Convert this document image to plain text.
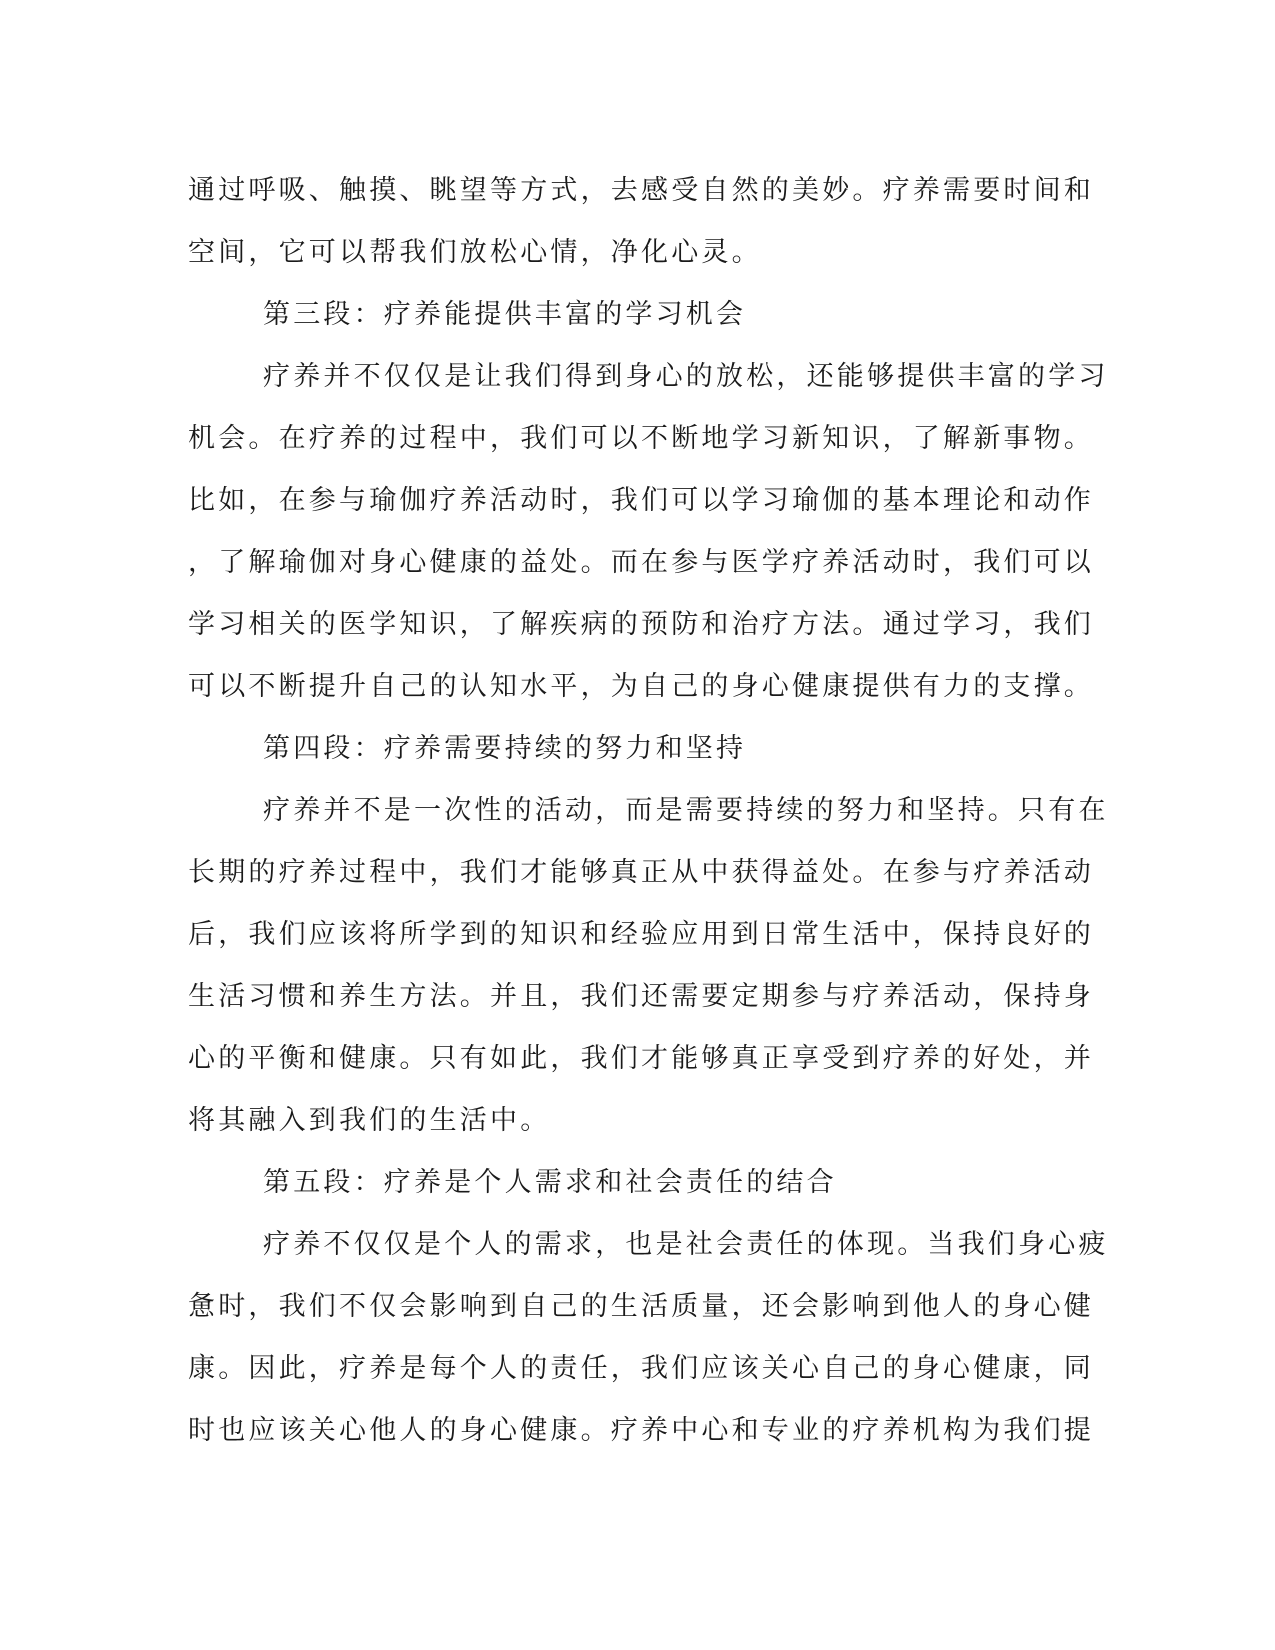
通过呼吸、触摸、眺望等方式，去感受自然的美妙。疗养需要时间和
空间，它可以帮我们放松心情，净化心灵。
第三段：疗养能提供丰富的学习机会
疗养并不仅仅是让我们得到身心的放松，还能够提供丰富的学习
机会。在疗养的过程中，我们可以不断地学习新知识，了解新事物。
比如，在参与瑜伽疗养活动时，我们可以学习瑜伽的基本理论和动作
，了解瑜伽对身心健康的益处。而在参与医学疗养活动时，我们可以
学习相关的医学知识，了解疾病的预防和治疗方法。通过学习，我们
可以不断提升自己的认知水平，为自己的身心健康提供有力的支撑。
第四段：疗养需要持续的努力和坚持
疗养并不是一次性的活动，而是需要持续的努力和坚持。只有在
长期的疗养过程中，我们才能够真正从中获得益处。在参与疗养活动
后，我们应该将所学到的知识和经验应用到日常生活中，保持良好的
生活习惯和养生方法。并且，我们还需要定期参与疗养活动，保持身
心的平衡和健康。只有如此，我们才能够真正享受到疗养的好处，并
将其融入到我们的生活中。
第五段：疗养是个人需求和社会责任的结合
疗养不仅仅是个人的需求，也是社会责任的体现。当我们身心疲
惫时，我们不仅会影响到自己的生活质量，还会影响到他人的身心健
康。因此，疗养是每个人的责任，我们应该关心自己的身心健康，同
时也应该关心他人的身心健康。疗养中心和专业的疗养机构为我们提
